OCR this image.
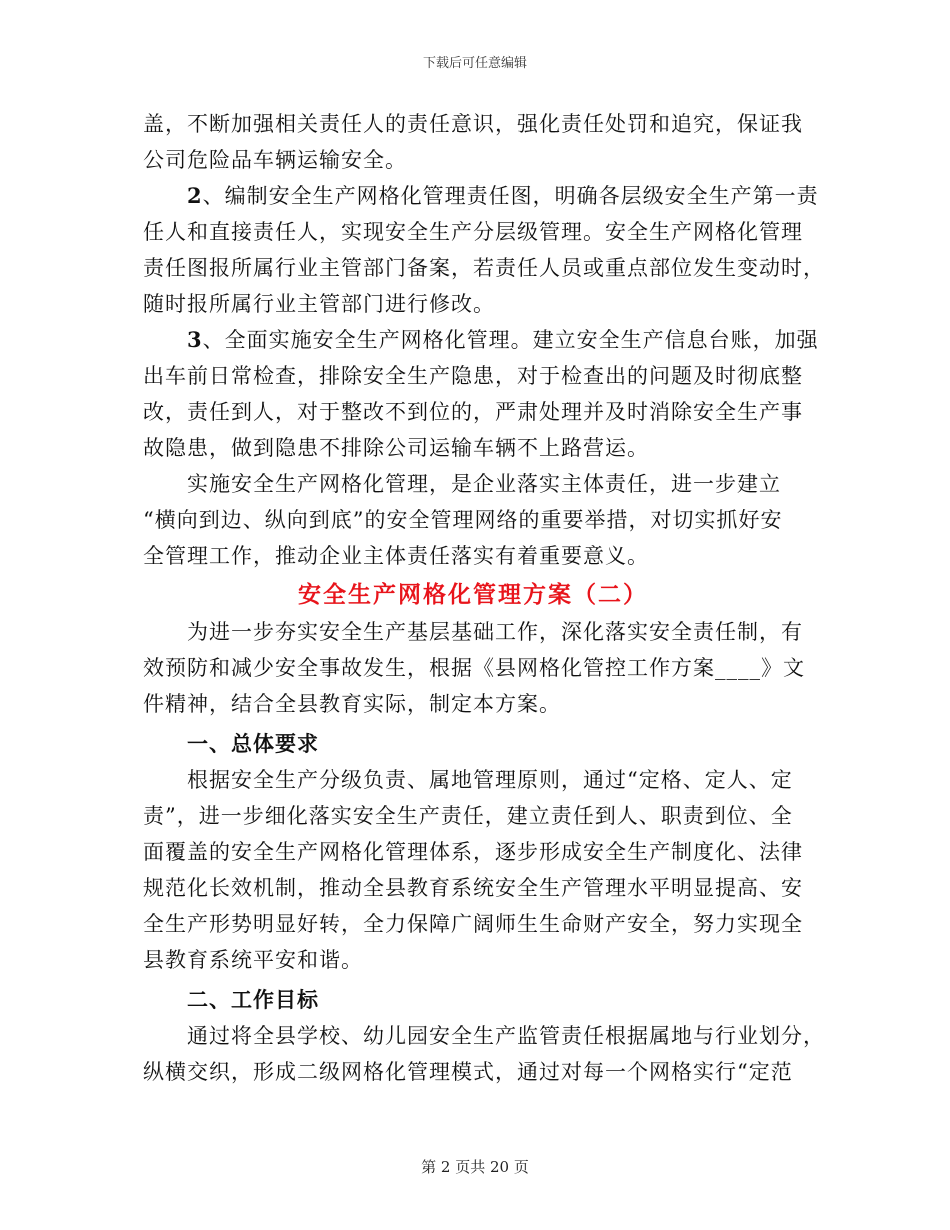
下载后可任意编辑

盖，不断加强相关责任人的责任意识，强化责任处罚和追究，保证我
公司危险品车辆运输安全。

2、编制安全生产网格化管理责任图，明确各层级安全生产第一责
任人和直接责任人，实现安全生产分层级管理。安全生产网格化管理
责任图报所属行业主管部门备案，若责任人员或重点部位发生变动时，
随时报所属行业主管部门进行修改。

3、全面实施安全生产网格化管理。建立安全生产信息台账，加强
出车前日常检查，排除安全生产隐患，对于检查出的问题及时彻底整
改，责任到人，对于整改不到位的，严肃处理并及时消除安全生产事
故隐患，做到隐患不排除公司运输车辆不上路营运。

实施安全生产网格化管理，是企业落实主体责任，进一步建立
“横向到边、纵向到底”的安全管理网络的重要举措，对切实抓好安
全管理工作，推动企业主体责任落实有着重要意义。

安全生产网格化管理方案（二）

为进一步夯实安全生产基层基础工作，深化落实安全责任制，有
效预防和减少安全事故发生，根据《县网格化管控工作方案____》文
件精神，结合全县教育实际，制定本方案。

一、总体要求

根据安全生产分级负责、属地管理原则，通过“定格、定人、定
责”，进一步细化落实安全生产责任，建立责任到人、职责到位、全
面覆盖的安全生产网格化管理体系，逐步形成安全生产制度化、法律
规范化长效机制，推动全县教育系统安全生产管理水平明显提高、安
全生产形势明显好转，全力保障广阔师生生命财产安全，努力实现全
县教育系统平安和谐。

二、工作目标

通过将全县学校、幼儿园安全生产监管责任根据属地与行业划分，
纵横交织，形成二级网格化管理模式，通过对每一个网格实行“定范

第 2 页共 20 页
